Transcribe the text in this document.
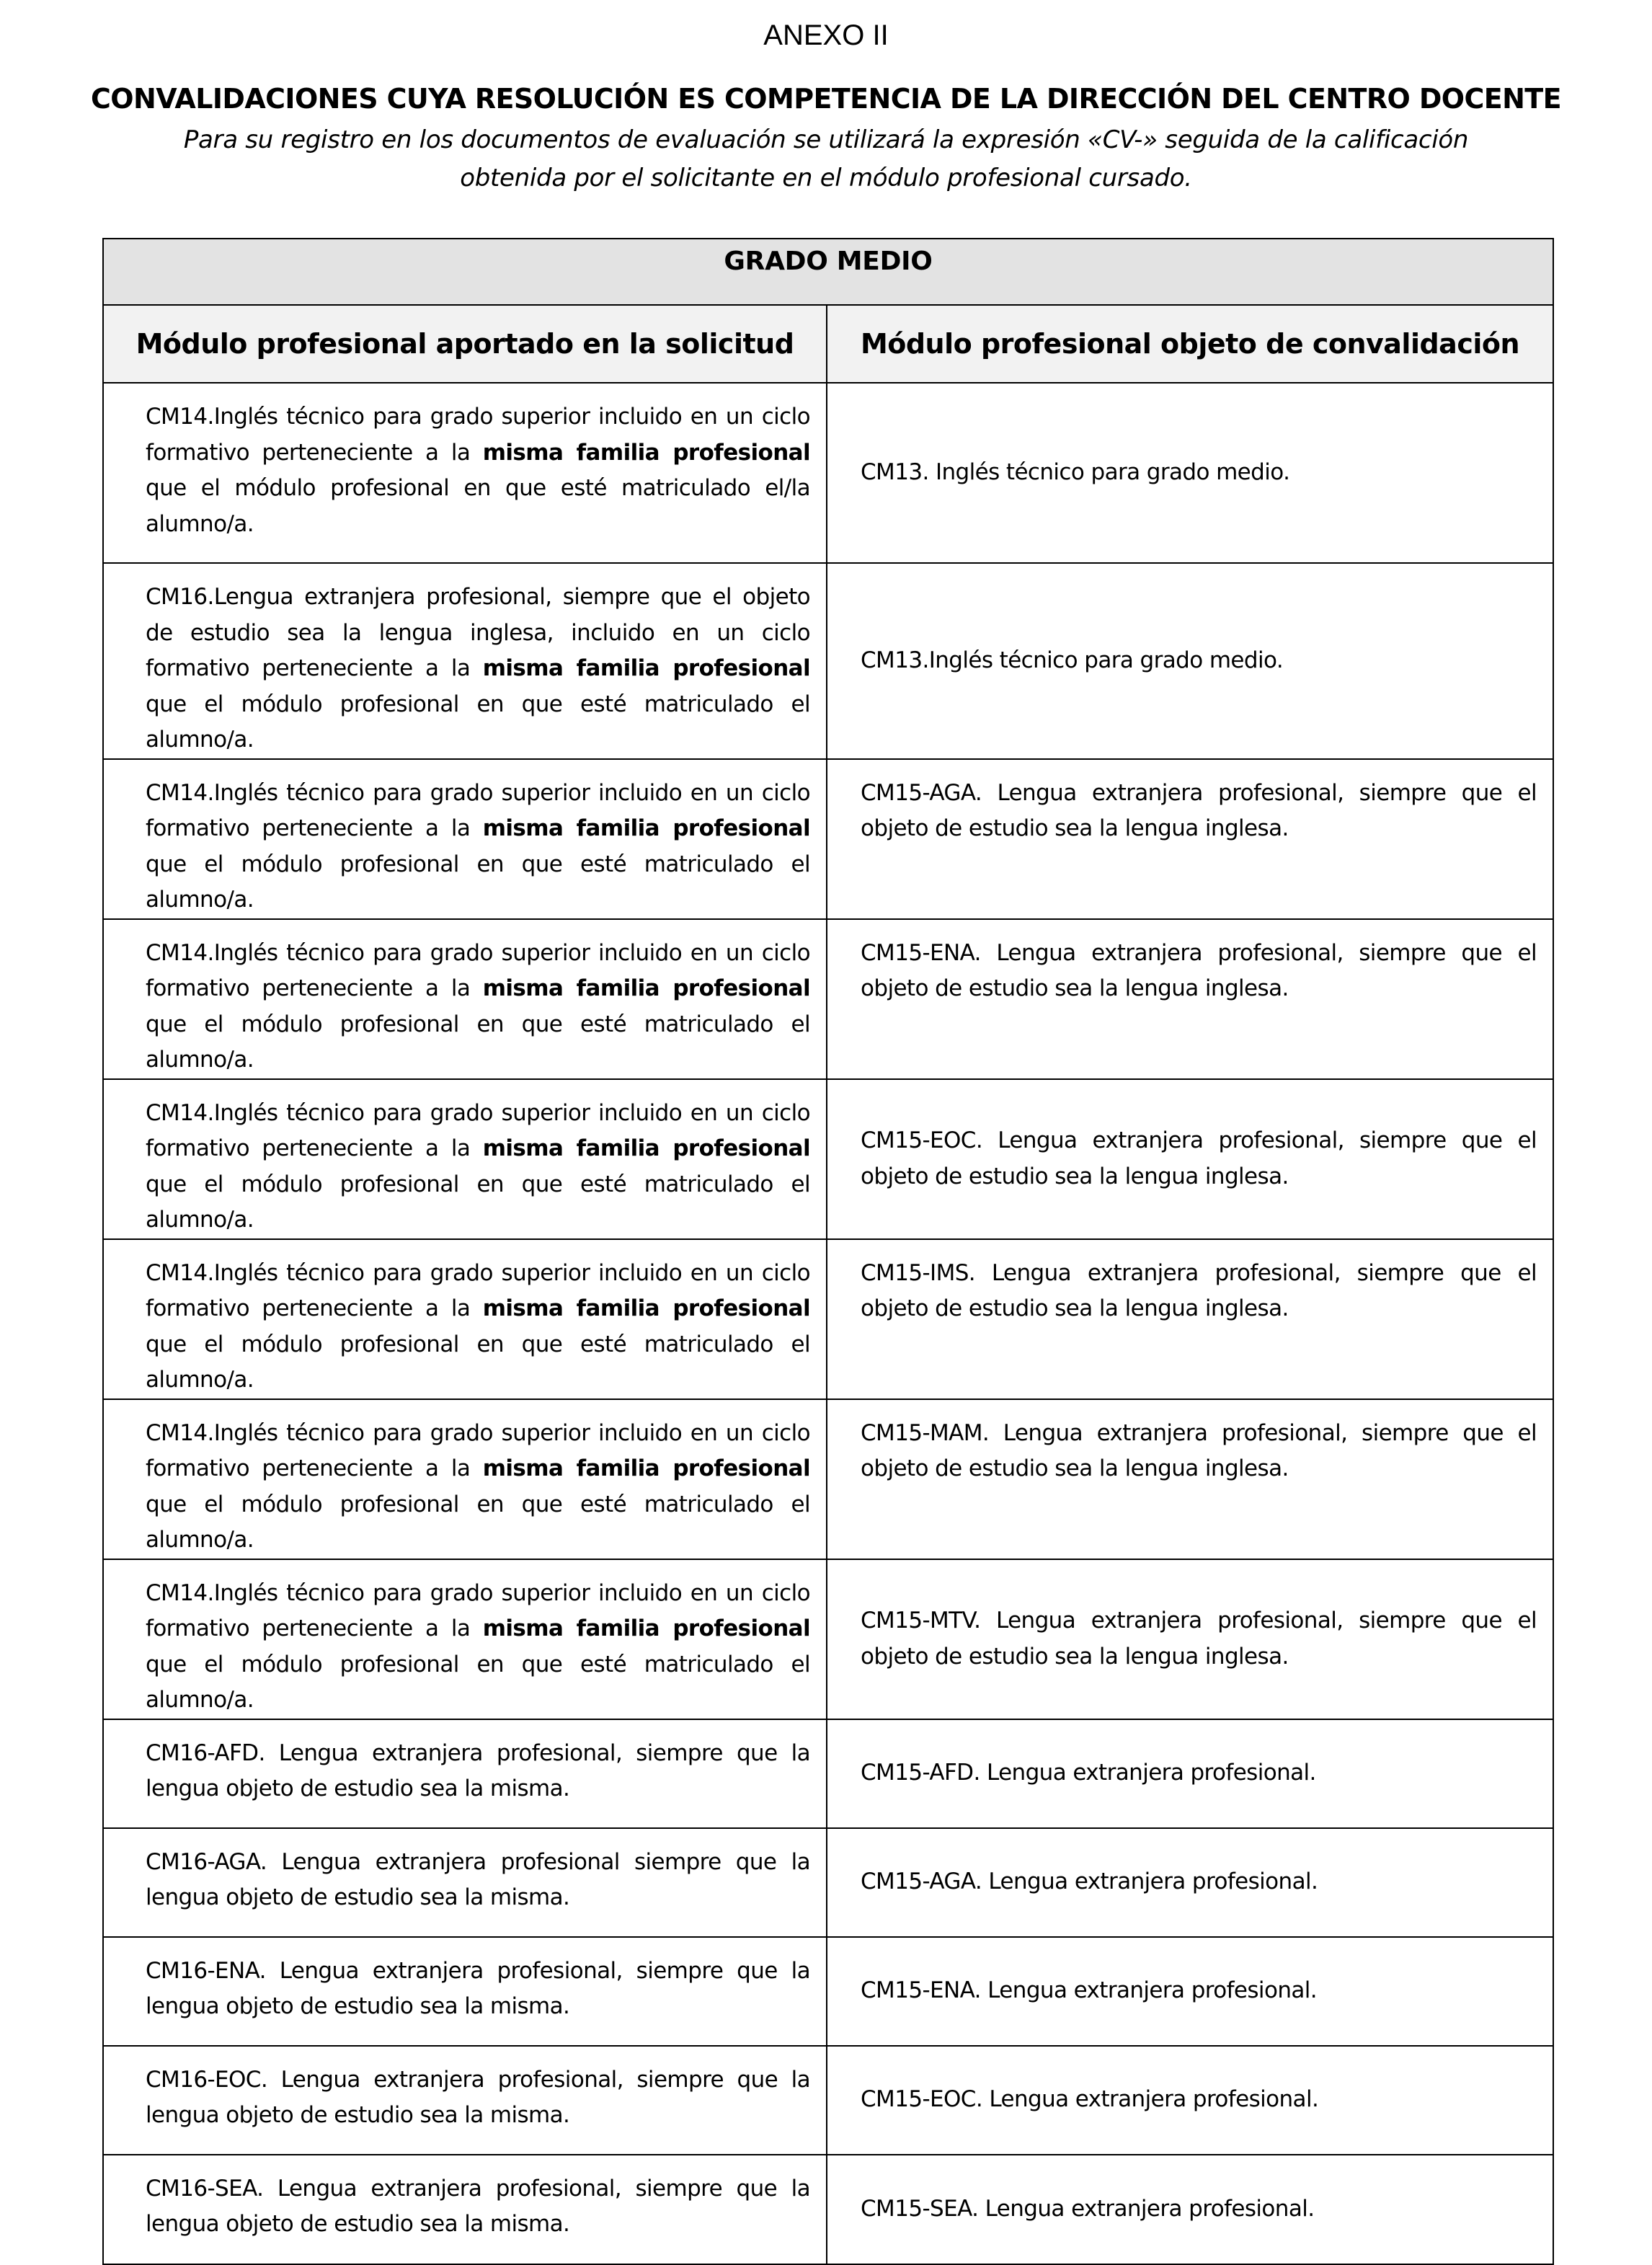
ANEXO II
CONVALIDACIONES CUYA RESOLUCIÓN ES COMPETENCIA DE LA DIRECCIÓN DEL CENTRO DOCENTE
Para su registro en los documentos de evaluación se utilizará la expresión «CV-» seguida de la calificación obtenida por el solicitante en el módulo profesional cursado.
GRADO MEDIO	
Módulo profesional aportado en la solicitud	Módulo profesional objeto de convalidación
CM14.Inglés técnico para grado superior incluido en un ciclo formativo perteneciente a la misma familia profesional que el módulo profesional en que esté matriculado el/la alumno/a.	CM13. Inglés técnico para grado medio.
CM16.Lengua extranjera profesional, siempre que el objeto de estudio sea la lengua inglesa, incluido en un ciclo formativo perteneciente a la misma familia profesional que el módulo profesional en que esté matriculado el alumno/a.	CM13.Inglés técnico para grado medio.
CM14.Inglés técnico para grado superior incluido en un ciclo formativo perteneciente a la misma familia profesional que el módulo profesional en que esté matriculado el alumno/a.	CM15-AGA. Lengua extranjera profesional, siempre que el objeto de estudio sea la lengua inglesa.
CM14.Inglés técnico para grado superior incluido en un ciclo formativo perteneciente a la misma familia profesional que el módulo profesional en que esté matriculado el alumno/a.	CM15-ENA. Lengua extranjera profesional, siempre que el objeto de estudio sea la lengua inglesa.
CM14.Inglés técnico para grado superior incluido en un ciclo formativo perteneciente a la misma familia profesional que el módulo profesional en que esté matriculado el alumno/a.	CM15-EOC. Lengua extranjera profesional, siempre que el objeto de estudio sea la lengua inglesa.
CM14.Inglés técnico para grado superior incluido en un ciclo formativo perteneciente a la misma familia profesional que el módulo profesional en que esté matriculado el alumno/a.	CM15-IMS. Lengua extranjera profesional, siempre que el objeto de estudio sea la lengua inglesa.
CM14.Inglés técnico para grado superior incluido en un ciclo formativo perteneciente a la misma familia profesional que el módulo profesional en que esté matriculado el alumno/a.	CM15-MAM. Lengua extranjera profesional, siempre que el objeto de estudio sea la lengua inglesa.
CM14.Inglés técnico para grado superior incluido en un ciclo formativo perteneciente a la misma familia profesional que el módulo profesional en que esté matriculado el alumno/a.	CM15-MTV. Lengua extranjera profesional, siempre que el objeto de estudio sea la lengua inglesa.
CM16-AFD. Lengua extranjera profesional, siempre que la lengua objeto de estudio sea la misma.	CM15-AFD. Lengua extranjera profesional.
CM16-AGA. Lengua extranjera profesional siempre que la lengua objeto de estudio sea la misma.	CM15-AGA. Lengua extranjera profesional.
CM16-ENA. Lengua extranjera profesional, siempre que la lengua objeto de estudio sea la misma.	CM15-ENA. Lengua extranjera profesional.
CM16-EOC. Lengua extranjera profesional, siempre que la lengua objeto de estudio sea la misma.	CM15-EOC. Lengua extranjera profesional.
CM16-SEA. Lengua extranjera profesional, siempre que la lengua objeto de estudio sea la misma.	CM15-SEA. Lengua extranjera profesional.
